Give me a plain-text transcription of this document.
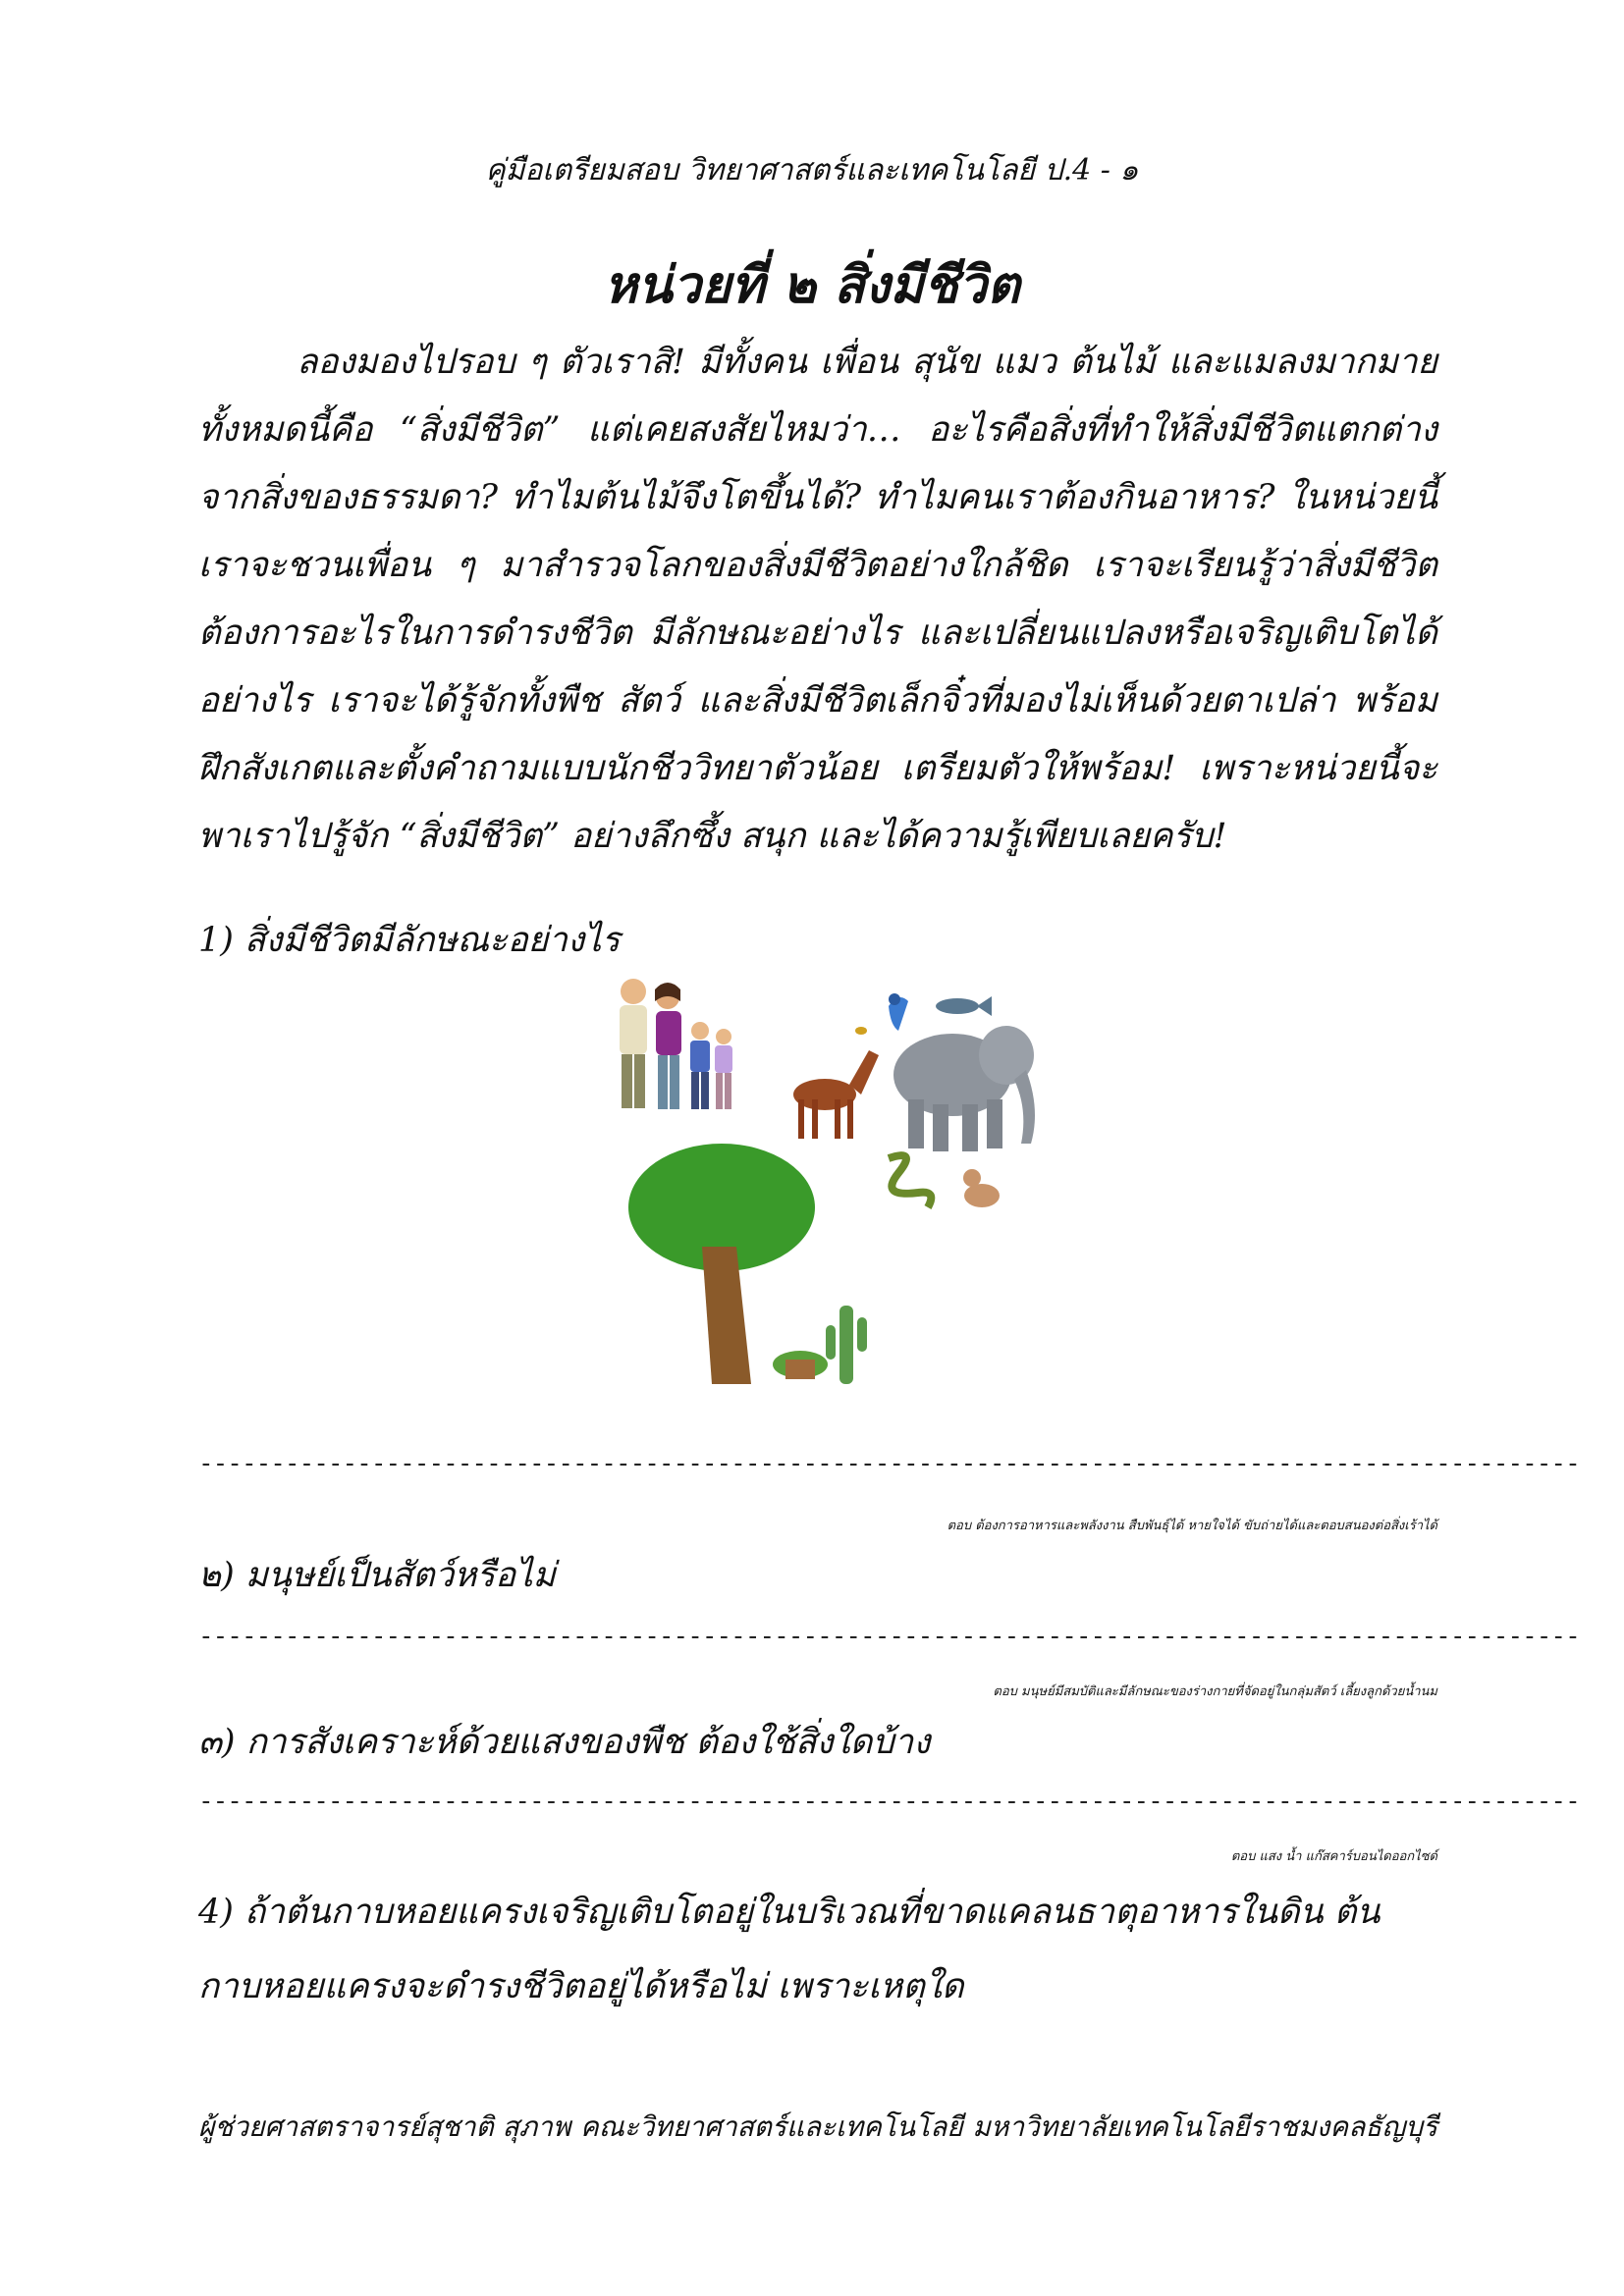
คู่มือเตรียมสอบ วิทยาศาสตร์และเทคโนโลยี ป.4 - ๑
หน่วยที่ ๒ สิ่งมีชีวิต
ลองมองไปรอบ ๆ ตัวเราสิ! มีทั้งคน เพื่อน สุนัข แมว ต้นไม้ และแมลงมากมาย ทั้งหมดนี้คือ “สิ่งมีชีวิต” แต่เคยสงสัยไหมว่า… อะไรคือสิ่งที่ทำให้สิ่งมีชีวิตแตกต่างจากสิ่งของธรรมดา? ทำไมต้นไม้จึงโตขึ้นได้? ทำไมคนเราต้องกินอาหาร? ในหน่วยนี้ เราจะชวนเพื่อน ๆ มาสำรวจโลกของสิ่งมีชีวิตอย่างใกล้ชิด เราจะเรียนรู้ว่าสิ่งมีชีวิตต้องการอะไรในการดำรงชีวิต มีลักษณะอย่างไร และเปลี่ยนแปลงหรือเจริญเติบโตได้อย่างไร เราจะได้รู้จักทั้งพืช สัตว์ และสิ่งมีชีวิตเล็กจิ๋วที่มองไม่เห็นด้วยตาเปล่า พร้อมฝึกสังเกตและตั้งคำถามแบบนักชีววิทยาตัวน้อย เตรียมตัวให้พร้อม! เพราะหน่วยนี้จะพาเราไปรู้จัก “สิ่งมีชีวิต” อย่างลึกซึ้ง สนุก และได้ความรู้เพียบเลยครับ!
1) สิ่งมีชีวิตมีลักษณะอย่างไร
------------------------------------------------------------------------------------------------
ตอบ ต้องการอาหารและพลังงาน สืบพันธุ์ได้ หายใจได้ ขับถ่ายได้และตอบสนองต่อสิ่งเร้าได้
๒) มนุษย์เป็นสัตว์หรือไม่
------------------------------------------------------------------------------------------------
ตอบ มนุษย์มีสมบัติและมีลักษณะของร่างกายที่จัดอยู่ในกลุ่มสัตว์ เลี้ยงลูกด้วยน้ำนม
๓) การสังเคราะห์ด้วยแสงของพืช ต้องใช้สิ่งใดบ้าง
------------------------------------------------------------------------------------------------
ตอบ แสง น้ำ แก๊สคาร์บอนไดออกไซด์
4) ถ้าต้นกาบหอยแครงเจริญเติบโตอยู่ในบริเวณที่ขาดแคลนธาตุอาหารในดิน ต้นกาบหอยแครงจะดำรงชีวิตอยู่ได้หรือไม่ เพราะเหตุใด
ผู้ช่วยศาสตราจารย์สุชาติ สุภาพ คณะวิทยาศาสตร์และเทคโนโลยี มหาวิทยาลัยเทคโนโลยีราชมงคลธัญบุรี
